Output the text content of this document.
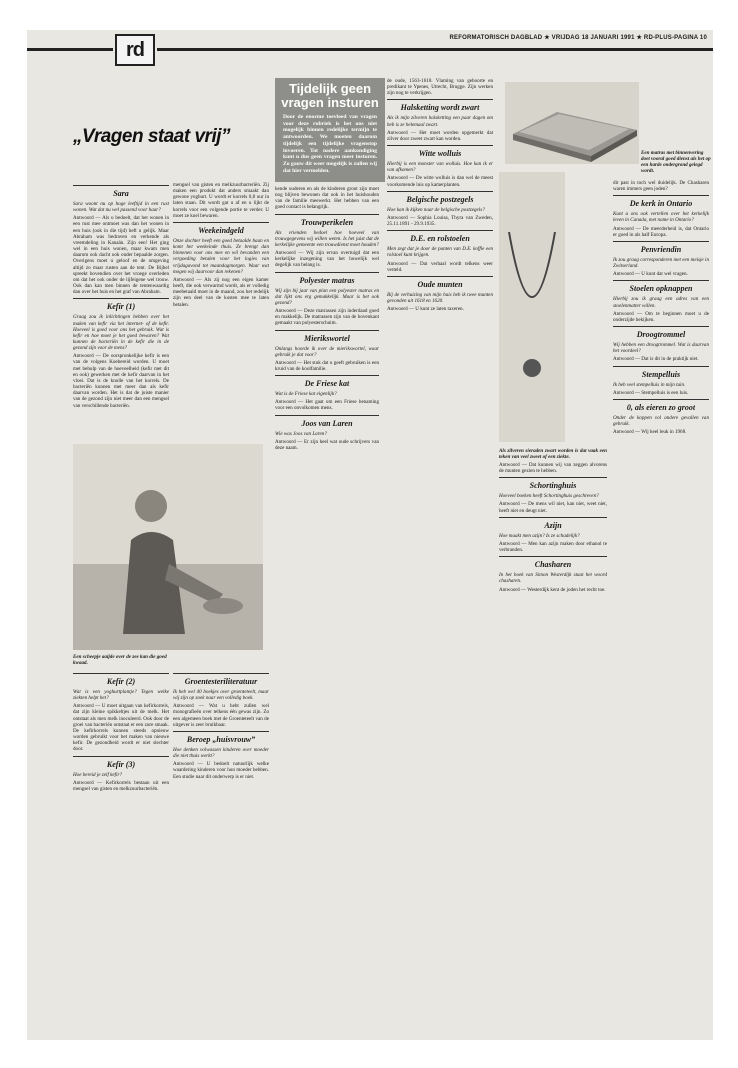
rd
REFORMATORISCH DAGBLAD ★ VRIJDAG 18 JANUARI 1991 ★ RD-PLUS-PAGINA 10
„Vragen staat vrij”
Tijdelijk geen
vragen insturen
Door de enorme toevloed van vragen voor deze rubriek is het ons niet mogelijk binnen redelijke termijn te antwoorden. We moeten daarom tijdelijk een tijdelijke vragenstop invoeren. Tot nadere aankondiging kunt u dus geen vragen meer insturen. Zo gauw dit weer mogelijk is zullen wij dat hier vermelden.
Een matras met binnenvering doet vooral goed dienst als het op een harde ondergrond gelegd wordt.
Sara

Sara woont nu op hoge leeftijd in een rust wonen. Wat dat nu wel passend voor haar?

Antwoord — Als u bedoelt, dat het wonen in een rust mee ontmoet was dan het wonen in een huis (ook in die tijd) heft u gelijk. Maar Abraham was bedraven en verkende als vreemdeling in Kanaän. Zijn een! Het ging wel in een huis wonen, maar kwam men daarom ook dacht ook onder bepaalde zorgen. Overigens moet u geloof en de omgeving altijd zo maar rusten aan de tent. De Bijbel spreekt bovendien over het vroege overleden om dat het ook onder de lijfeigene wel trouw. Ook dan kan men binnen de tentenwaardig dan over het huis en het graf van Abraham.

Kefir (1)

Graag zou ik inlichtingen hebben over het maken van kefir via het internet- of de kefir. Hoeveel is goed voor ons het gebruik. Wat is kefir en hoe moet je het goed bewaren? Wat kunnen de bacteriën in de kefir die in de gezond zijn voor de mens?

Antwoord — De oorspronkelijke kefir is een van de volgens Koebereid worden. U moet met behulp van de hoeveelheid (kefir met dit en ook) gewerken met de kefir daarvan in het vloei. Dat is de knolle van het korrels. De bacteriën kunnen met meer dan als kefir daarvan worden. Het is dat de juiste manier van de gezond zijn niet meer dan een mengsel van verschillende bacteriën.

Een scheepje aaijde over de zee kan die goed kwaad.
Kefir (2)

Wat is een yoghurtplantje? Tegen welke ziekten helpt het?

Antwoord — U moet uitgaan van kefirkorrels, dat zijn kleine spikkeltjes uit de melk. Het ontstaat als men melk inoculeerd. Ook door de groei van bacteriën ontstaat er een zure smaak. De kefirkorrels kunnen steeds opnieuw worden gebruikt voor het maken van nieuwe kefir. De gezondheid wordt er niet slechter door.

Kefir (3)

Hoe bereid je zelf kefir?

Antwoord — Kefirkorrels bestaan uit een mengsel van gisten en melkzuurbacteriën.

mengsel van gisten en melkzuurbacteriën. Zij maken een produkt dat anders smaakt dan gewone yoghurt. U wordt er korrels 0,8 uur in laten staan. Dit wordt gat u af en u lijkt de korrels voor een volgende portie te verder. U moet ze koel bewaren.

Weekeindgeld

Onze dochter heeft een goed betaalde baan en komt het weekeinde thuis. Ze brengt dan binnenen voor ons mee en wil bevanden een vergoeding betalen voor het logies van vrijdagavond tot maandagmorgen. Waar wat mogen wij daarvoor dan rekenen?

Antwoord — Als zij nog een eigen kamer heeft, die ook verwarmd wordt, als er volledig meebetaald moet in de maand, zou het redelijk zijn een deel van de kosten mee te laten betalen.

Groentesteriliteratuur

Ik heb wel 40 boekjes over groenteteelt, maar wij zijn op zoek naar een volledig boek.

Antwoord — Wat u hebt zullen wel monografieën over telkens één gewas zijn. Zo een algemeen boek met de Groenteteelt van de uitgever is zeer bruikbaar.

Beroep „huisvrouw”

Hoe denken volwassen kinderen over moeder die niet thuis werkt?

Antwoord — U bedoelt natuurlijk welke waardering kinderen voor hun moeder hebben. Een studie naar dit onderwerp is er niet.

kende ouderen en als de kinderen groot zijn moet nog blijven bewonen dat ook in het huishouden van de familie meewerkt. Het hebben van een goed contact is belangrijk.

Trouwperikelen

Als vrienden bedoel hoe hoeveel van trouwgegevens wij willen weten. Is het juist dat de kerkelijke gemeente een trouwdienst moet houden?

Antwoord — Wij zijn ervan overtuigd dat een kerkelijke inzegening van het huwelijk wel degelijk van belang is.

Polyester matras

Wij zijn bij jaar van plan een polyester matras en dat lijkt ons erg gemakkelijk. Maar is het ook gezond?

Antwoord — Deze matrassen zijn inderdaad goed en makkelijk. De matrassen zijn van de bovenkant gemaakt van polyesterschuim.

Mierikswortel

Onlangs hoorde ik over de mierikswortel, waar gebruik je dat voor?

Antwoord — Het stuk dat u geeft gebruiken is een kruid van de koolfamilie.

De Friese kat

Wat is de Friese kat eigenlijk?

Antwoord — Het gaat om een Friese benaming voor een onvolkomen mens.

Joos van Laren

Wie was Joos van Laren?

Antwoord — Er zijn heel wat oude schrijvers van deze naam.

de oude, 1563-1618. Vlaming van geboorte en predikant te Ypenes, Utrecht, Brugge. Zijn werken zijn nog te verkrijgen.

Halsketting wordt zwart

Als ik mijn zilveren halsketting een paar dagen om heb is ze helemaal zwart.

Antwoord — Het moet worden opgemerkt dat zilver door zweet zwart kan worden.

Witte wolluis

Hierbij is een monster van wolluis. Hoe kan ik er van afkomen?

Antwoord — De witte wolluis is dan wel de meest voorkomende luis op kamerplanten.

Belgische postzegels

Hoe kan ik kijken naar de belgische postzegels?

Antwoord — Sophia Louisa, Thyra van Zweden, 25.11.1891 - 29.9.1935.

D.E. en rolstoelen

Men zegt dat je door de punten van D.E. koffie een rolstoel kunt krijgen.

Antwoord — Dat verhaal wordt telkens weer verteld.

Oude munten

Bij de verhuizing van mijn huis heb ik twee munten gevonden uit 1618 en 1620.

Antwoord — U kunt ze laten taxeren.

Als zilveren sieraden zwart worden is dat vaak een teken van veel zweet of een ziekte.

Antwoord — Dat kunnen wij van zeggen alvorens de munten gezien te hebben.

Schortinghuis

Hoeveel boeken heeft Schortinghuis geschreven?

Antwoord — De mens wil niet, kan niet, weet niet, heeft niet en deugt niet.

Azijn

Hoe maakt men azijn? Is ze schadelijk?

Antwoord — Men kan azijn maken door ethanol te verbranden.

Chasharen

In het boek van Simon Westerdijk staat het woord chasharen.

Antwoord — Westerdijk kent de joden het recht toe.

dit past in toch wel duidelijk. De Chasharen waren immers geen joden?

De kerk in Ontario

Kunt u ons ook vertellen over het kerkelijk leven in Canada, met name in Ontario?

Antwoord — De meerderheid is, dat Ontario er goed in als half Europa.

Penvriendin

Ik zou graag corresponderen met een meisje in Zwitserland.

Antwoord — U kunt dat wel vragen.

Stoelen opknappen

Hierbij zou ik graag een adres van een stoelenmatter willen.

Antwoord — Om te beginnen moet u de onderzijde bekijken.

Droogtrommel

Wij hebben een droogtrommel. Wat is daarvan het voordeel?

Antwoord — Dat is dit in de praktijk niet.

Stempelluis

Ik heb veel stempelluis in mijn tuin.

Antwoord — Stempelluis is een luis.

0, als eieren zo groot

Onder de koppen vol andere gevallen van gebruik.

Antwoord — Wij heel leuk in 1968.
